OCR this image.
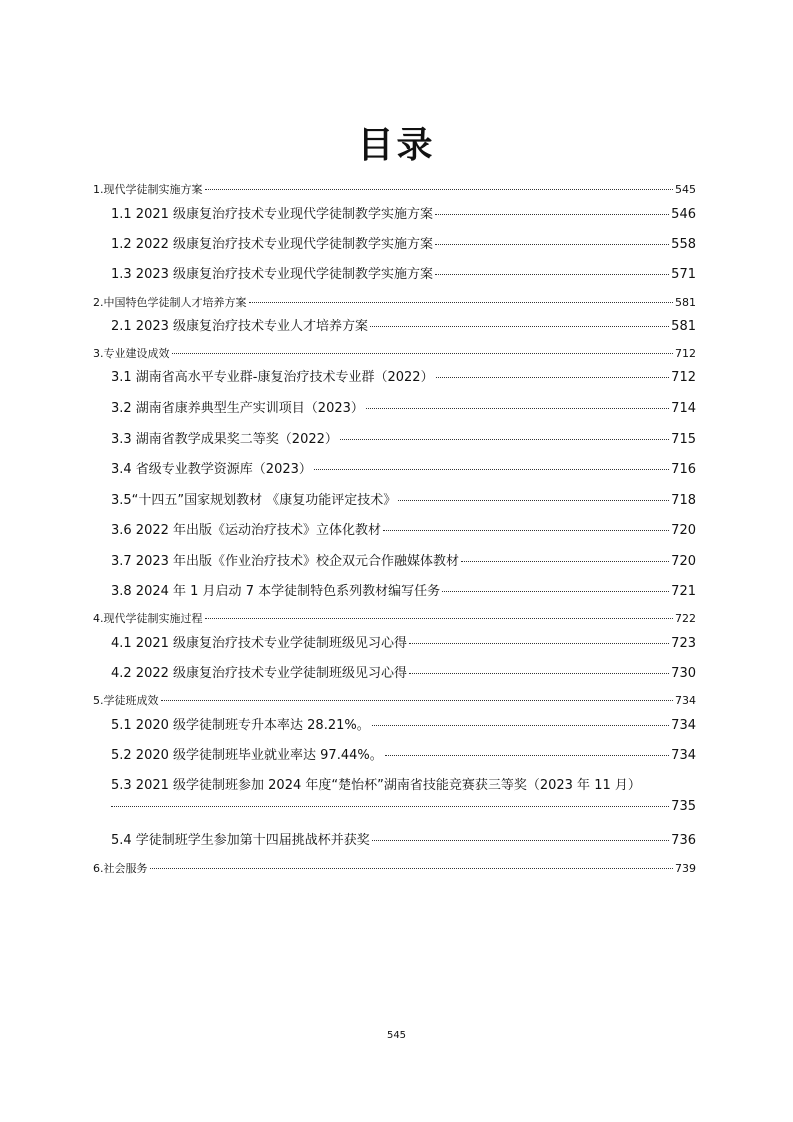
目录
1.现代学徒制实施方案	545
1.1 2021 级康复治疗技术专业现代学徒制教学实施方案	546
1.2 2022 级康复治疗技术专业现代学徒制教学实施方案	558
1.3 2023 级康复治疗技术专业现代学徒制教学实施方案	571
2.中国特色学徒制人才培养方案	581
2.1 2023 级康复治疗技术专业人才培养方案	581
3.专业建设成效	712
3.1 湖南省高水平专业群-康复治疗技术专业群（2022）	712
3.2 湖南省康养典型生产实训项目（2023）	714
3.3 湖南省教学成果奖二等奖（2022）	715
3.4 省级专业教学资源库（2023）	716
3.5“十四五”国家规划教材 《康复功能评定技术》	718
3.6 2022 年出版《运动治疗技术》立体化教材	720
3.7 2023 年出版《作业治疗技术》校企双元合作融媒体教材	720
3.8 2024 年 1 月启动 7 本学徒制特色系列教材编写任务	721
4.现代学徒制实施过程	722
4.1 2021 级康复治疗技术专业学徒制班级见习心得	723
4.2 2022 级康复治疗技术专业学徒制班级见习心得	730
5.学徒班成效	734
5.1 2020 级学徒制班专升本率达 28.21%。	734
5.2 2020 级学徒制班毕业就业率达 97.44%。	734
5.3 2021 级学徒制班参加 2024 年度“楚怡杯”湖南省技能竞赛获三等奖（2023 年 11 月）
735
5.4 学徒制班学生参加第十四届挑战杯并获奖	736
6.社会服务	739
545
